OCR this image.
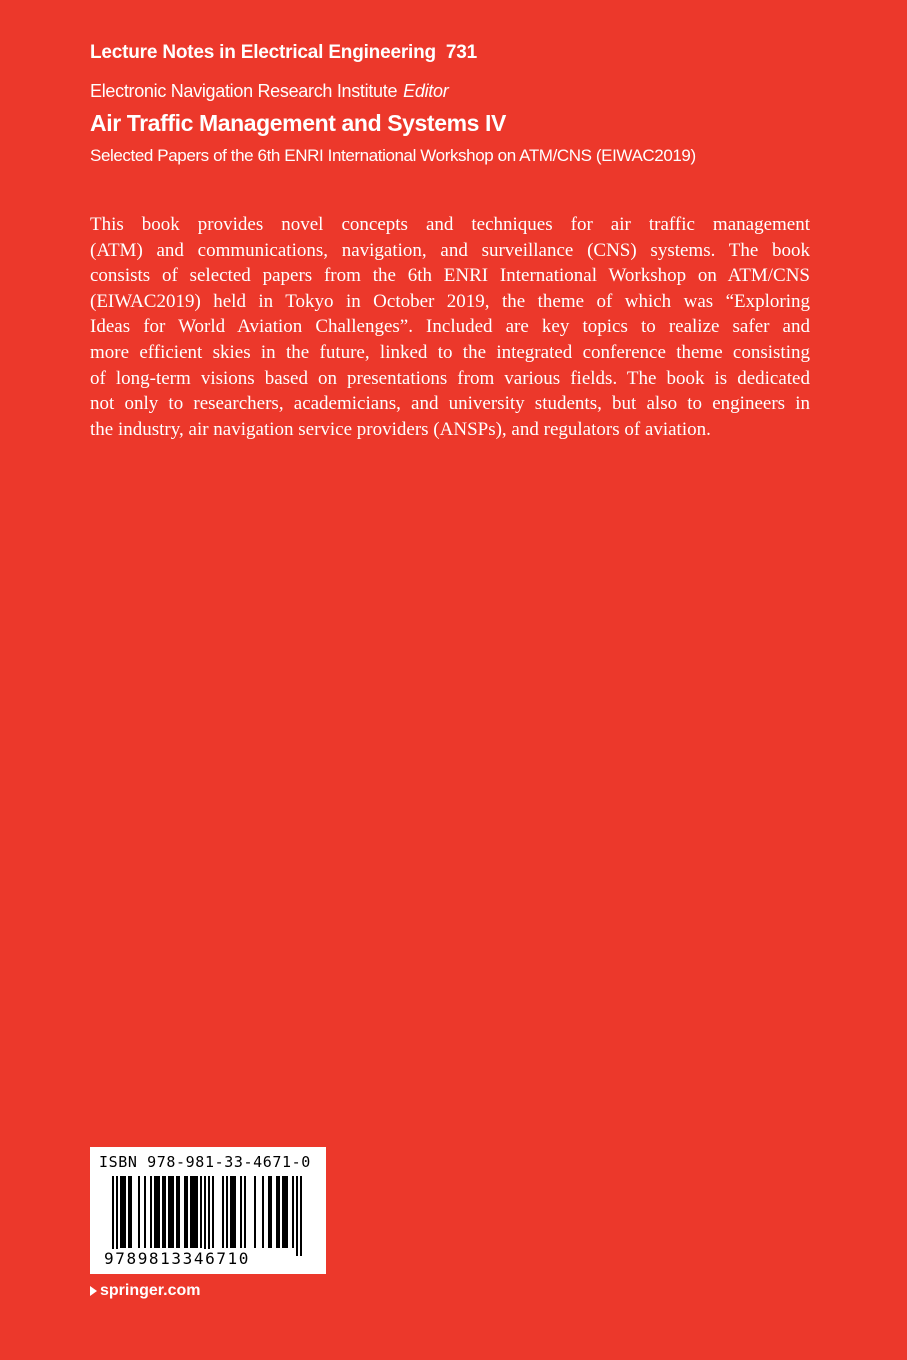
Lecture Notes in Electrical Engineering 731
Electronic Navigation Research Institute Editor
Air Traffic Management and Systems IV
Selected Papers of the 6th ENRI International Workshop on ATM/CNS (EIWAC2019)

This book provides novel concepts and techniques for air traffic management
(ATM) and communications, navigation, and surveillance (CNS) systems. The book
consists of selected papers from the 6th ENRI International Workshop on ATM/CNS
(EIWAC2019) held in Tokyo in October 2019, the theme of which was “Exploring
Ideas for World Aviation Challenges”. Included are key topics to realize safer and
more efficient skies in the future, linked to the integrated conference theme consisting
of long-term visions based on presentations from various fields. The book is dedicated
not only to researchers, academicians, and university students, but also to engineers in
the industry, air navigation service providers (ANSPs), and regulators of aviation.

ISBN 978-981-33-4671-0
9789813346710
springer.com
